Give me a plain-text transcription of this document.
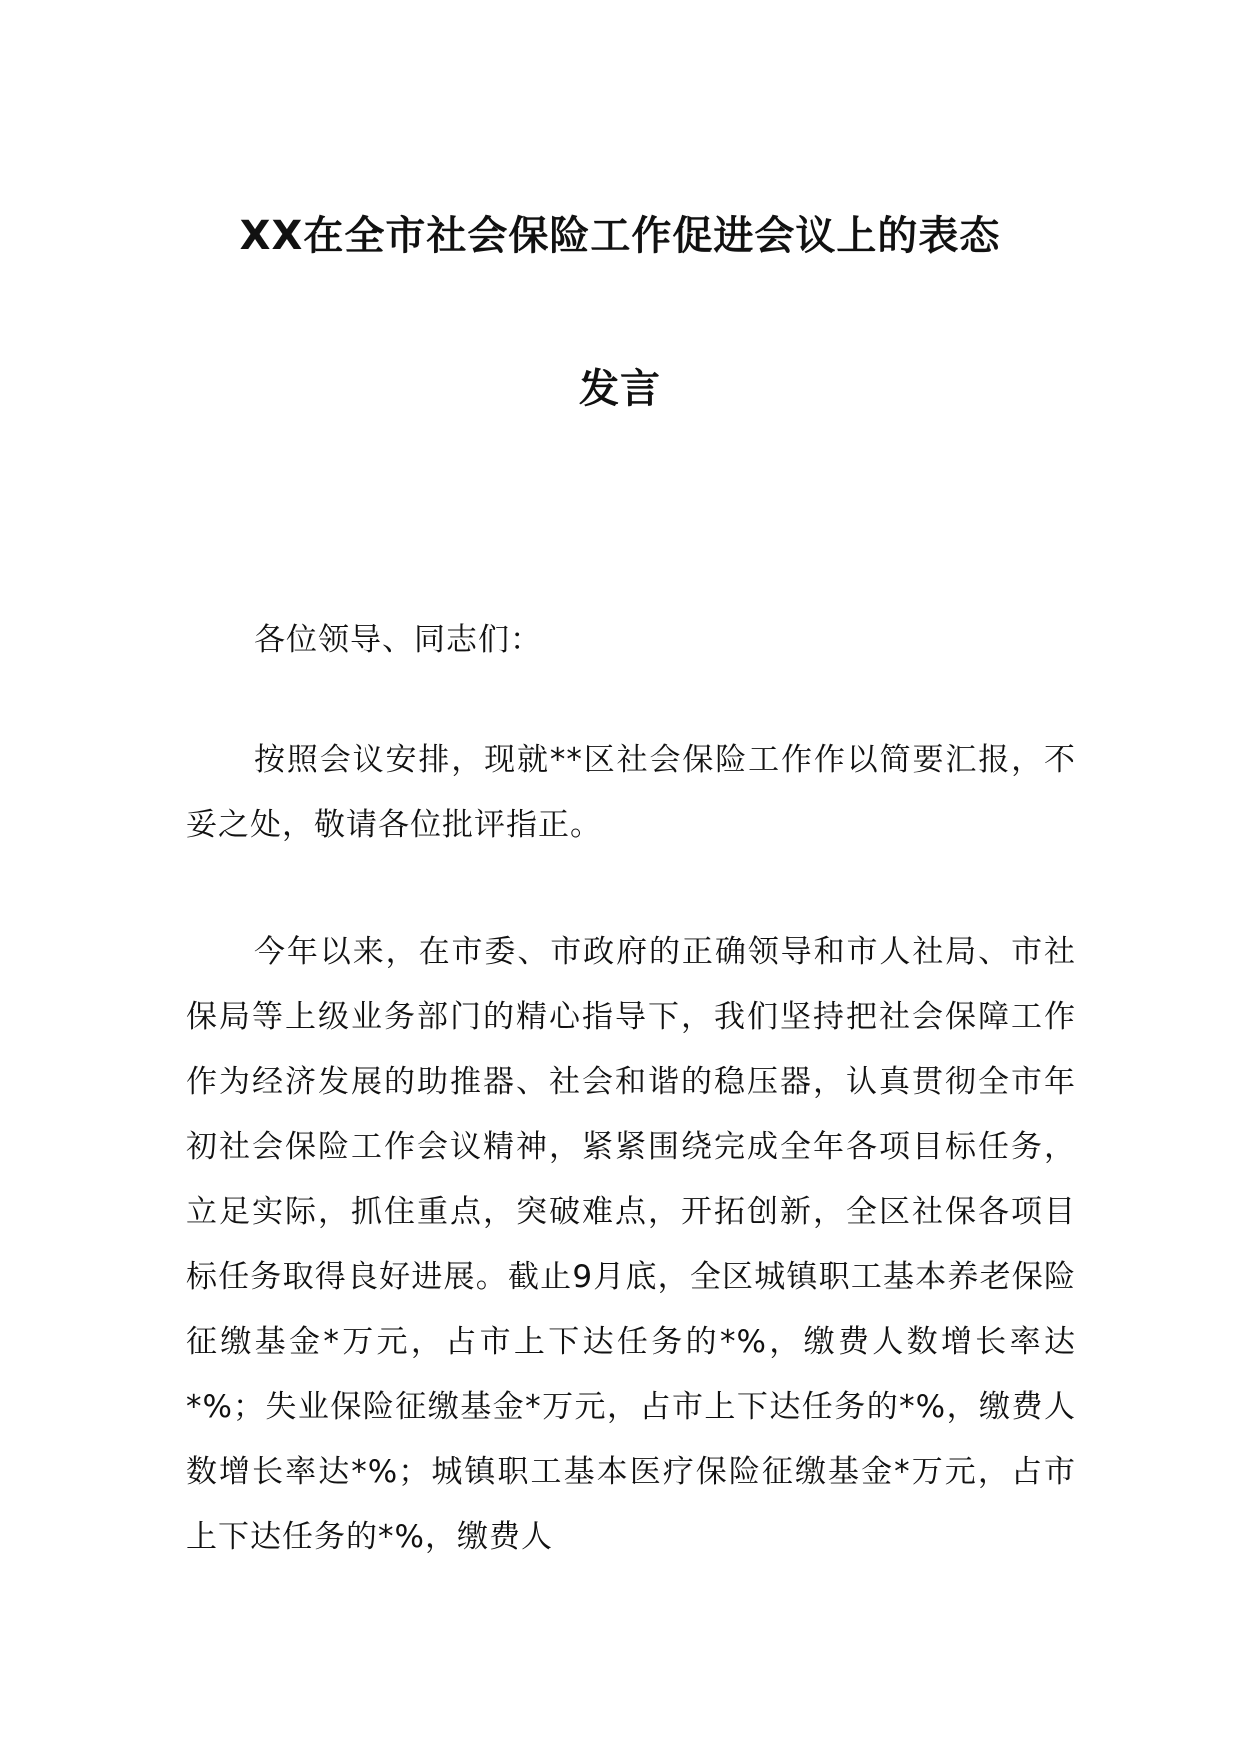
XX在全市社会保险工作促进会议上的表态
发言

各位领导、同志们：

按照会议安排，现就**区社会保险工作作以简要汇报，不妥之处，敬请各位批评指正。

今年以来，在市委、市政府的正确领导和市人社局、市社保局等上级业务部门的精心指导下，我们坚持把社会保障工作作为经济发展的助推器、社会和谐的稳压器，认真贯彻全市年初社会保险工作会议精神，紧紧围绕完成全年各项目标任务，立足实际，抓住重点，突破难点，开拓创新，全区社保各项目标任务取得良好进展。截止9月底，全区城镇职工基本养老保险征缴基金*万元，占市上下达任务的*%，缴费人数增长率达*%；失业保险征缴基金*万元，占市上下达任务的*%，缴费人数增长率达*%；城镇职工基本医疗保险征缴基金*万元，占市上下达任务的*%，缴费人
